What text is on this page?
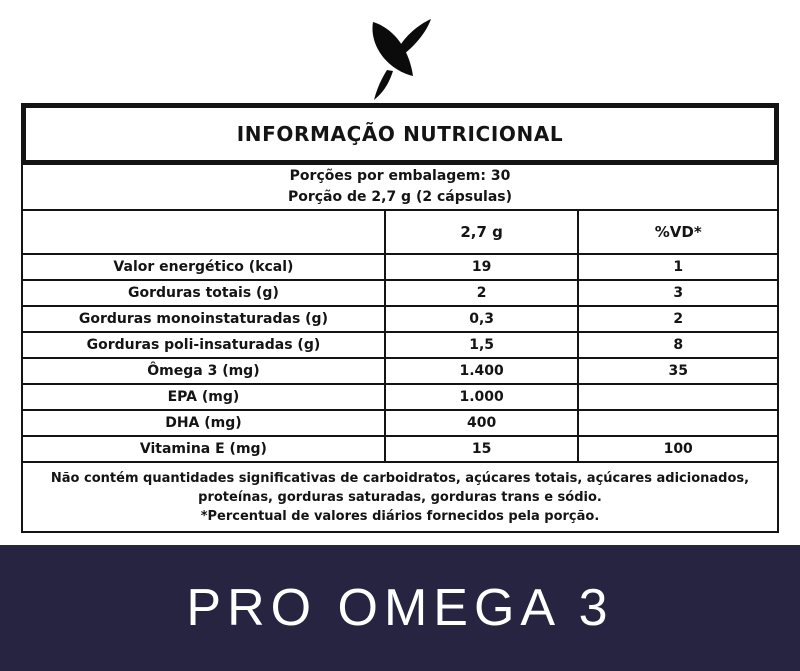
INFORMAÇÃO NUTRICIONAL
Porções por embalagem: 30
Porção de 2,7 g (2 cápsulas)		

	2,7 g	%VD*
Valor energético (kcal)	19	1
Gorduras totais (g)	2	3
Gorduras monoinstaturadas (g)	0,3	2
Gorduras poli-insaturadas (g)	1,5	8
Ômega 3 (mg)	1.400	35
EPA (mg)	1.000	
DHA (mg)	400	
Vitamina E (mg)	15	100

Não contém quantidades significativas de carboidratos, açúcares totais, açúcares adicionados,
proteínas, gorduras saturadas, gorduras trans e sódio.
*Percentual de valores diários fornecidos pela porção.		
PRO OMEGA 3
